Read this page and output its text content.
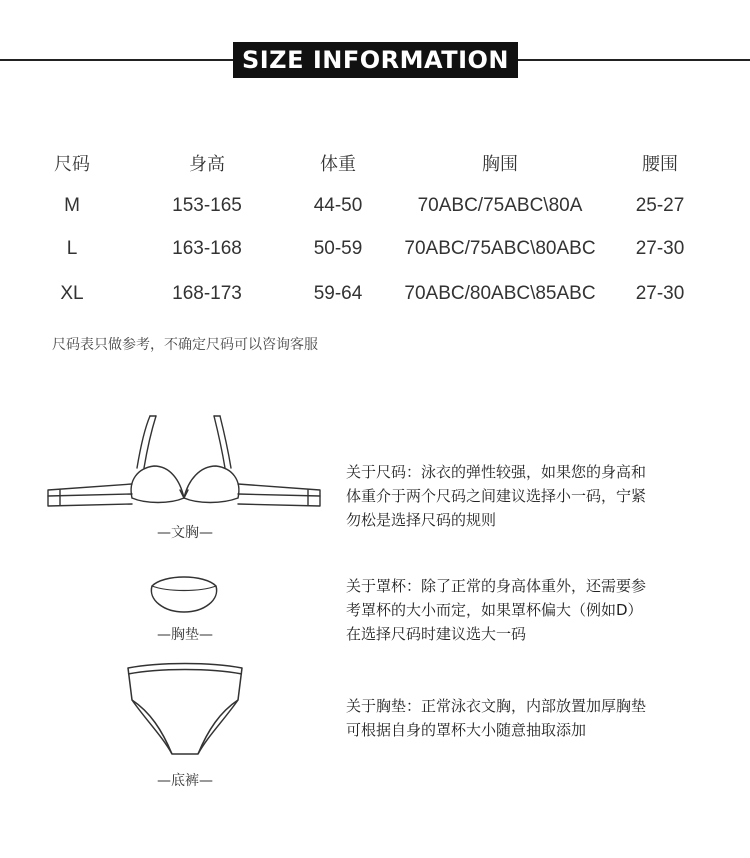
SIZE INFORMATION
尺码	身高	体重	胸围	腰围
M	153-165	44-50	70ABC/75ABC\80A	25-27
L	163-168	50-59	70ABC/75ABC\80ABC	27-30
XL	168-173	59-64	70ABC/80ABC\85ABC	27-30
尺码表只做参考，不确定尺码可以咨询客服
—文胸—
关于尺码：泳衣的弹性较强，如果您的身高和
体重介于两个尺码之间建议选择小一码，宁紧
勿松是选择尺码的规则
—胸垫—
关于罩杯：除了正常的身高体重外，还需要参
考罩杯的大小而定，如果罩杯偏大（例如D）
在选择尺码时建议选大一码
—底裤—
关于胸垫：正常泳衣文胸，内部放置加厚胸垫
可根据自身的罩杯大小随意抽取添加
